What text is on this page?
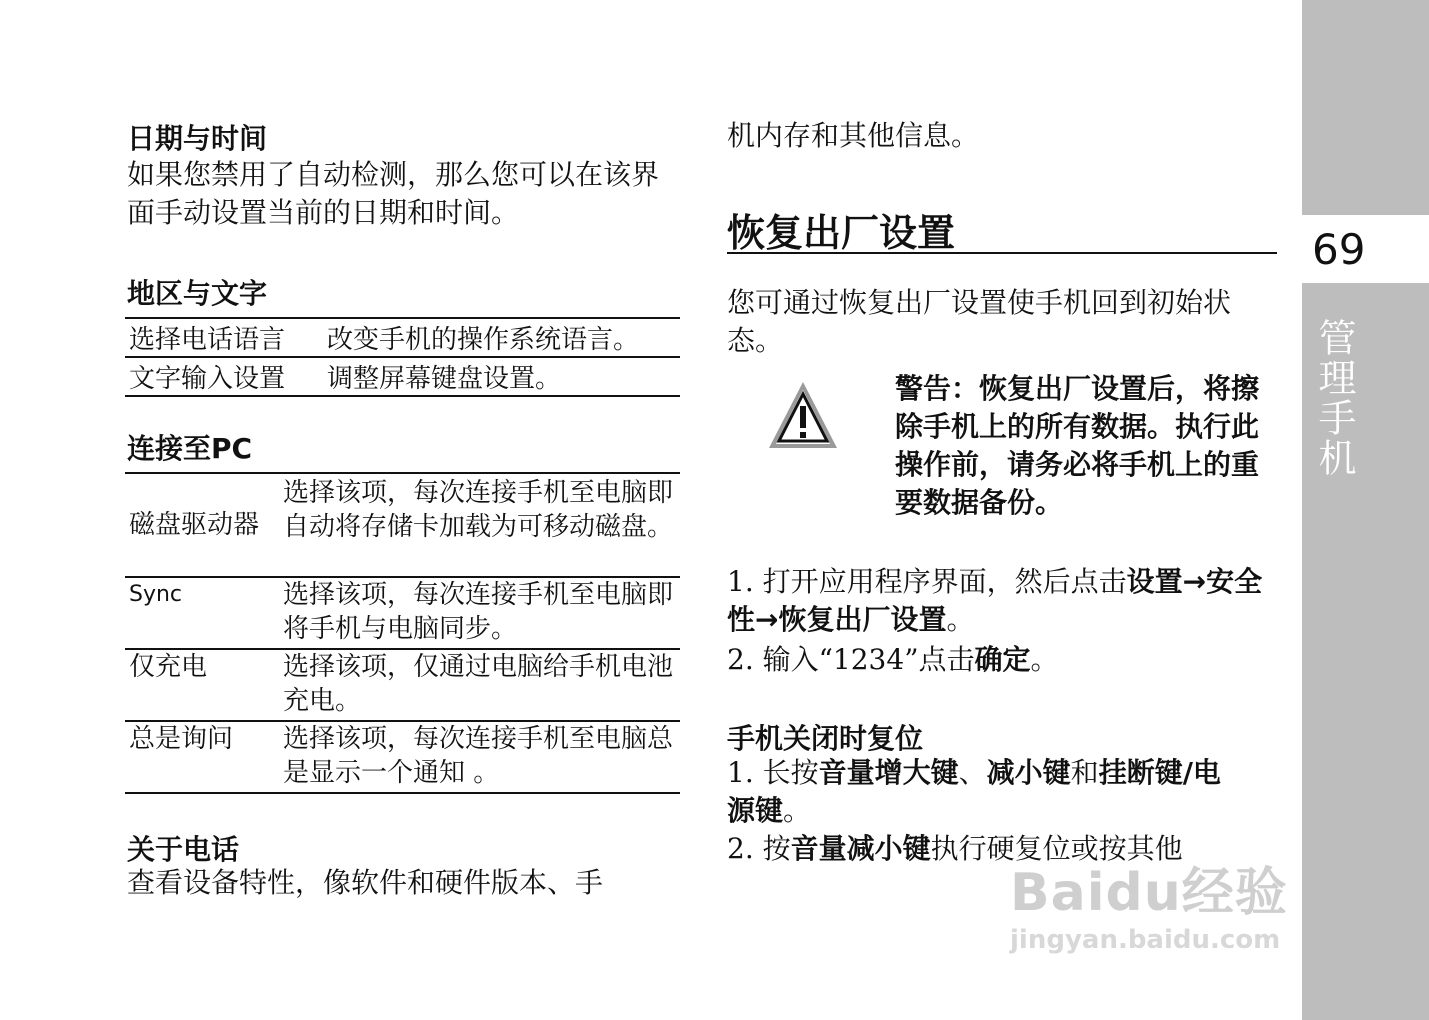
69
管理手机
日期与时间
如果您禁用了自动检测，那么您可以在该界面手动设置当前的日期和时间。
地区与文字
选择电话语言	改变手机的操作系统语言。
文字输入设置	调整屏幕键盘设置。
连接至PC
磁盘驱动器	选择该项，每次连接手机至电脑即自动将存储卡加载为可移动磁盘。
Sync	选择该项，每次连接手机至电脑即将手机与电脑同步。
仅充电	选择该项，仅通过电脑给手机电池充电。
总是询问	选择该项，每次连接手机至电脑总是显示一个通知 。
关于电话
查看设备特性，像软件和硬件版本、手
机内存和其他信息。
恢复出厂设置
您可通过恢复出厂设置使手机回到初始状态。
警告：恢复出厂设置后，将擦除手机上的所有数据。执行此操作前，请务必将手机上的重要数据备份。
1. 打开应用程序界面，然后点击设置→安全性→恢复出厂设置。
2. 输入“1234”点击确定。
手机关闭时复位
1. 长按音量增大键、减小键和挂断键/电源键。
2. 按音量减小键执行硬复位或按其他
Baidu经验
jingyan.baidu.com
